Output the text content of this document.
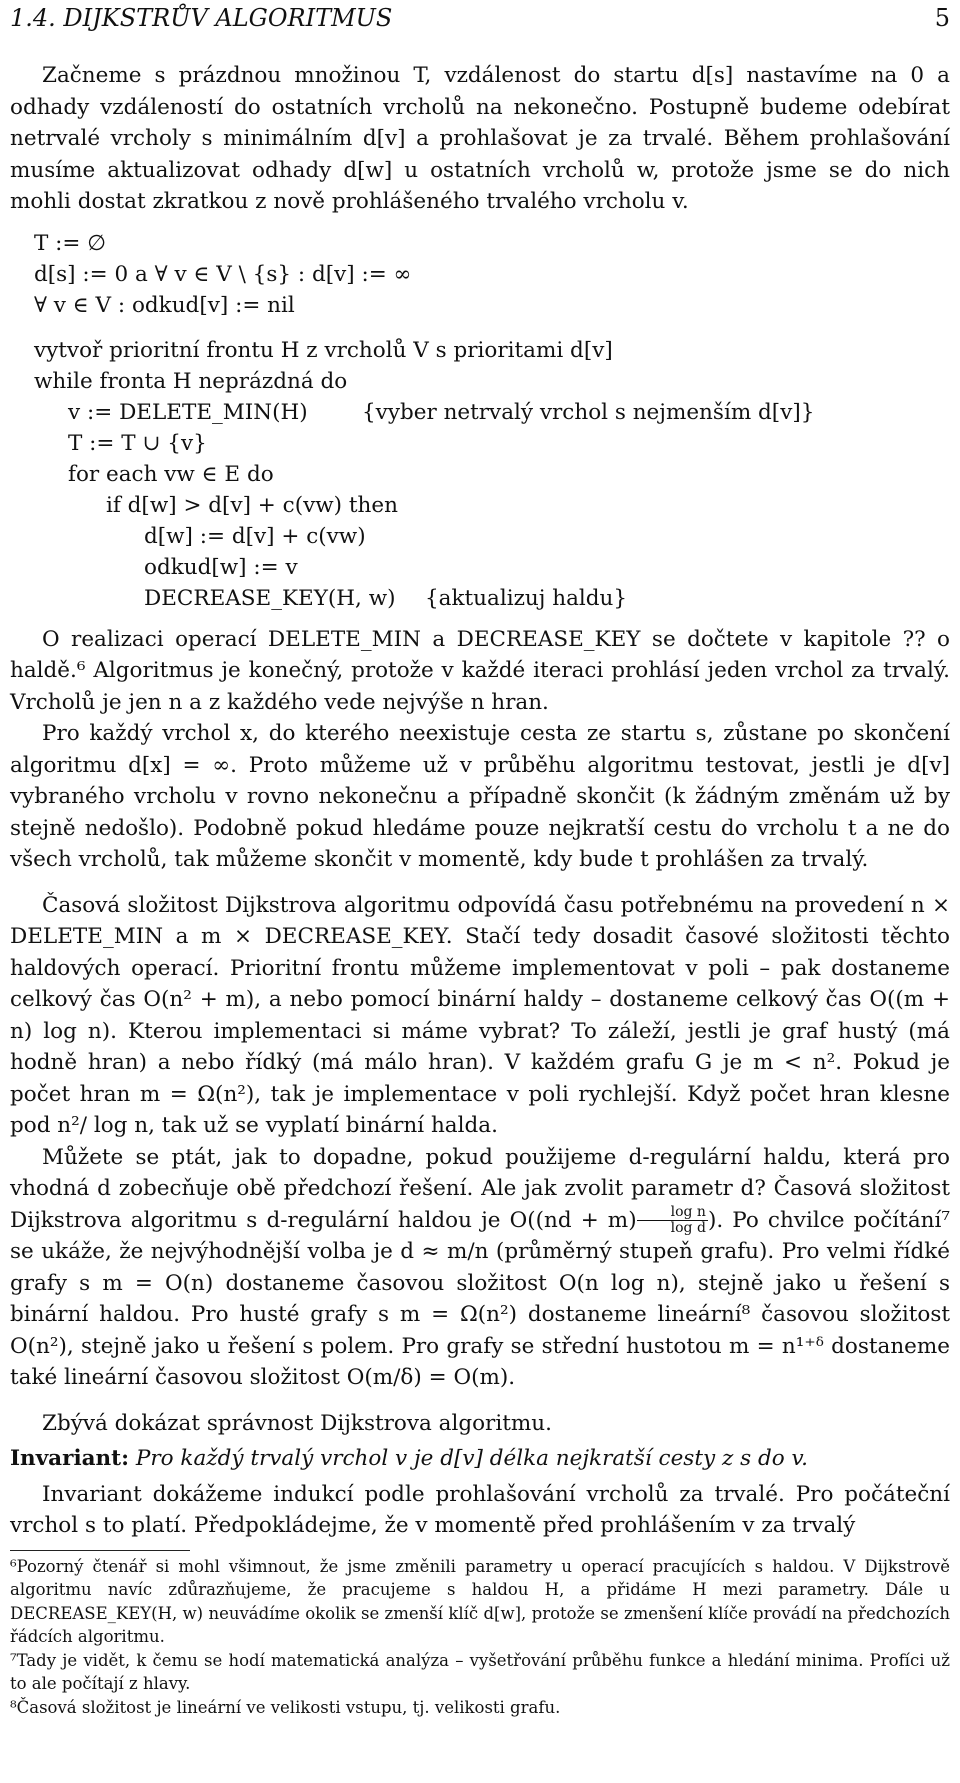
1.4. DIJKSTRŮV ALGORITMUS	5

Začneme s prázdnou množinou T, vzdálenost do startu d[s] nastavíme na 0 a odhady vzdáleností do ostatních vrcholů na nekonečno. Postupně budeme odebírat netrvalé vrcholy s minimálním d[v] a prohlašovat je za trvalé. Během prohlašování musíme aktualizovat odhady d[w] u ostatních vrcholů w, protože jsme se do nich mohli dostat zkratkou z nově prohlášeného trvalého vrcholu v.

T := ∅
d[s] := 0 a ∀ v ∈ V \ {s} : d[v] := ∞
∀ v ∈ V : odkud[v] := nil
vytvoř prioritní frontu H z vrcholů V s prioritami d[v]
while fronta H neprázdná do
v := DELETE_MIN(H)	{vyber netrvalý vrchol s nejmenším d[v]}
T := T ∪ {v}
for each vw ∈ E do
if d[w] > d[v] + c(vw) then
d[w] := d[v] + c(vw)
odkud[w] := v
DECREASE_KEY(H, w) {aktualizuj haldu}

O realizaci operací DELETE_MIN a DECREASE_KEY se dočtete v kapitole ?? o haldě.⁶ Algoritmus je konečný, protože v každé iteraci prohlásí jeden vrchol za trvalý. Vrcholů je jen n a z každého vede nejvýše n hran.

Pro každý vrchol x, do kterého neexistuje cesta ze startu s, zůstane po skončení algoritmu d[x] = ∞. Proto můžeme už v průběhu algoritmu testovat, jestli je d[v] vybraného vrcholu v rovno nekonečnu a případně skončit (k žádným změnám už by stejně nedošlo). Podobně pokud hledáme pouze nejkratší cestu do vrcholu t a ne do všech vrcholů, tak můžeme skončit v momentě, kdy bude t prohlášen za trvalý.

Časová složitost Dijkstrova algoritmu odpovídá času potřebnému na provedení n × DELETE_MIN a m × DECREASE_KEY. Stačí tedy dosadit časové složitosti těchto haldových operací. Prioritní frontu můžeme implementovat v poli – pak dostaneme celkový čas O(n² + m), a nebo pomocí binární haldy – dostaneme celkový čas O((m + n) log n). Kterou implementaci si máme vybrat? To záleží, jestli je graf hustý (má hodně hran) a nebo řídký (má málo hran). V každém grafu G je m < n². Pokud je počet hran m = Ω(n²), tak je implementace v poli rychlejší. Když počet hran klesne pod n²/ log n, tak už se vyplatí binární halda.

Můžete se ptát, jak to dopadne, pokud použijeme d-regulární haldu, která pro vhodná d zobecňuje obě předchozí řešení. Ale jak zvolit parametr d? Časová složitost Dijkstrova algoritmu s d-regulární haldou je $O((nd + m) \frac{\text{log n}}{\text{log d}}$ ). Po chvilce počítání⁷ se ukáže, že nejvýhodnější volba je d ≈ m/n (průměrný stupeň grafu). Pro velmi řídké grafy s m = O(n) dostaneme časovou složitost O(n log n), stejně jako u řešení s binární haldou. Pro husté grafy s m = Ω(n²) dostaneme lineární⁸ časovou složitost O(n²), stejně jako u řešení s polem. Pro grafy se střední hustotou m = n¹⁺ᵟ dostaneme také lineární časovou složitost O(m/δ) = O(m).

Zbývá dokázat správnost Dijkstrova algoritmu.

Invariant: Pro každý trvalý vrchol v je d[v] délka nejkratší cesty z s do v.

Invariant dokážeme indukcí podle prohlašování vrcholů za trvalé. Pro počáteční vrchol s to platí. Předpokládejme, že v momentě před prohlášením v za trvalý

⁶Pozorný čtenář si mohl všimnout, že jsme změnili parametry u operací pracujících s haldou. V Dijkstrově algoritmu navíc zdůrazňujeme, že pracujeme s haldou H, a přidáme H mezi parametry. Dále u DECREASE_KEY(H, w) neuvádíme okolik se zmenší klíč d[w], protože se zmenšení klíče provádí na předchozích řádcích algoritmu.
⁷Tady je vidět, k čemu se hodí matematická analýza – vyšetřování průběhu funkce a hledání minima. Profíci už to ale počítají z hlavy.
⁸Časová složitost je lineární ve velikosti vstupu, tj. velikosti grafu.
